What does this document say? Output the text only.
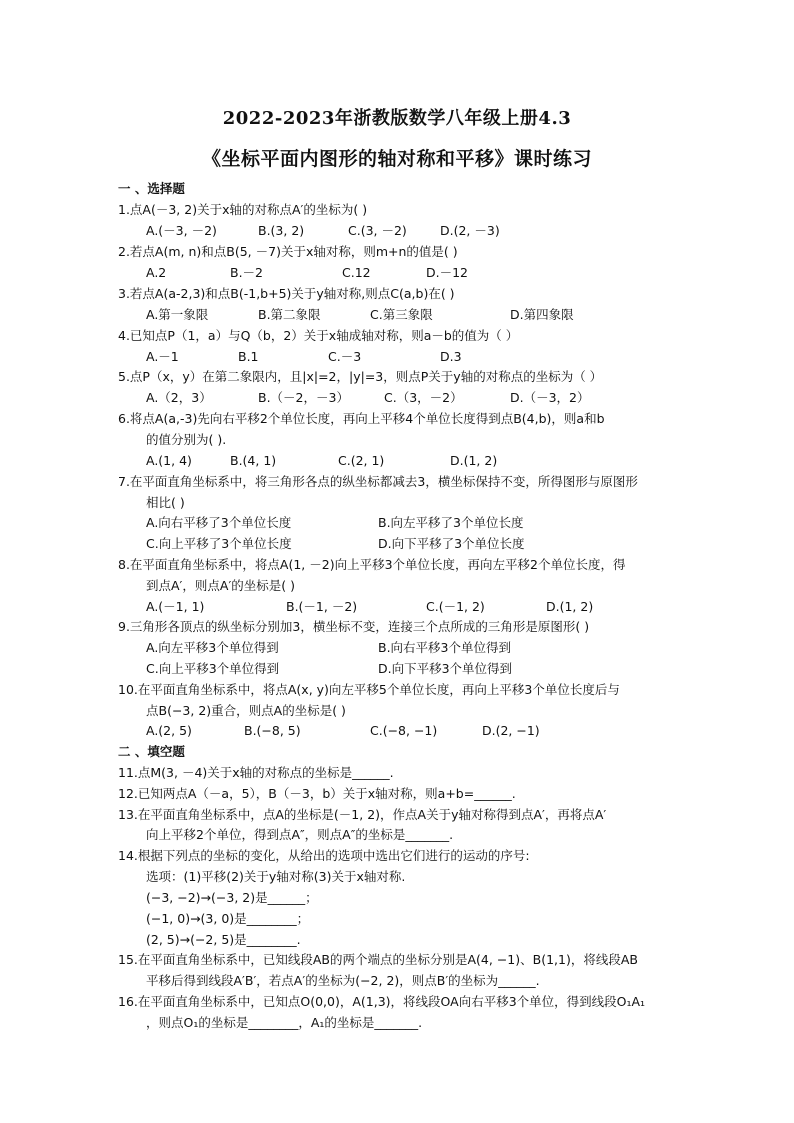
2022-2023年浙教版数学八年级上册4.3
《坐标平面内图形的轴对称和平移》课时练习
一 、选择题
1.点A(－3, 2)关于x轴的对称点A′的坐标为( )
A.(－3, －2)	B.(3, 2)	C.(3, －2)	D.(2, －3)
2.若点A(m, n)和点B(5, －7)关于x轴对称，则m+n的值是( )
A.2	B.－2	C.12	D.－12
3.若点A(a-2,3)和点B(-1,b+5)关于y轴对称,则点C(a,b)在( )
A.第一象限	B.第二象限	C.第三象限	D.第四象限
4.已知点P（1，a）与Q（b，2）关于x轴成轴对称，则a－b的值为（ ）
A.－1	B.1	C.－3	D.3
5.点P（x，y）在第二象限内，且|x|=2，|y|=3，则点P关于y轴的对称点的坐标为（ ）
A.（2，3）	B.（－2，－3）	C.（3，－2）	D.（－3，2）
6.将点A(a,-3)先向右平移2个单位长度，再向上平移4个单位长度得到点B(4,b)，则a和b
的值分别为( ).
A.(1, 4)	B.(4, 1)	C.(2, 1)	D.(1, 2)
7.在平面直角坐标系中，将三角形各点的纵坐标都减去3，横坐标保持不变，所得图形与原图形
相比( )
A.向右平移了3个单位长度	B.向左平移了3个单位长度
C.向上平移了3个单位长度	D.向下平移了3个单位长度
8.在平面直角坐标系中，将点A(1, －2)向上平移3个单位长度，再向左平移2个单位长度，得
到点A′，则点A′的坐标是( )
A.(－1, 1)	B.(－1, －2)	C.(－1, 2)	D.(1, 2)
9.三角形各顶点的纵坐标分别加3，横坐标不变，连接三个点所成的三角形是原图形( )
A.向左平移3个单位得到	B.向右平移3个单位得到
C.向上平移3个单位得到	D.向下平移3个单位得到
10.在平面直角坐标系中，将点A(x, y)向左平移5个单位长度，再向上平移3个单位长度后与
点B(−3, 2)重合，则点A的坐标是( )
A.(2, 5)	B.(−8, 5)	C.(−8, −1)	D.(2, −1)
二 、填空题
11.点M(3, －4)关于x轴的对称点的坐标是______.
12.已知两点A（－a，5），B（－3，b）关于x轴对称，则a+b=______.
13.在平面直角坐标系中，点A的坐标是(－1, 2)，作点A关于y轴对称得到点A′，再将点A′
向上平移2个单位，得到点A″，则点A″的坐标是_______.
14.根据下列点的坐标的变化，从给出的选项中选出它们进行的运动的序号:
选项：(1)平移(2)关于y轴对称(3)关于x轴对称.
(−3, −2)→(−3, 2)是______；
(−1, 0)→(3, 0)是________；
(2, 5)→(−2, 5)是________.
15.在平面直角坐标系中，已知线段AB的两个端点的坐标分别是A(4, −1)、B(1,1)，将线段AB
平移后得到线段A′B′，若点A′的坐标为(−2, 2)，则点B′的坐标为______.
16.在平面直角坐标系中，已知点O(0,0)，A(1,3)，将线段OA向右平移3个单位，得到线段O₁A₁
，则点O₁的坐标是________，A₁的坐标是_______.
